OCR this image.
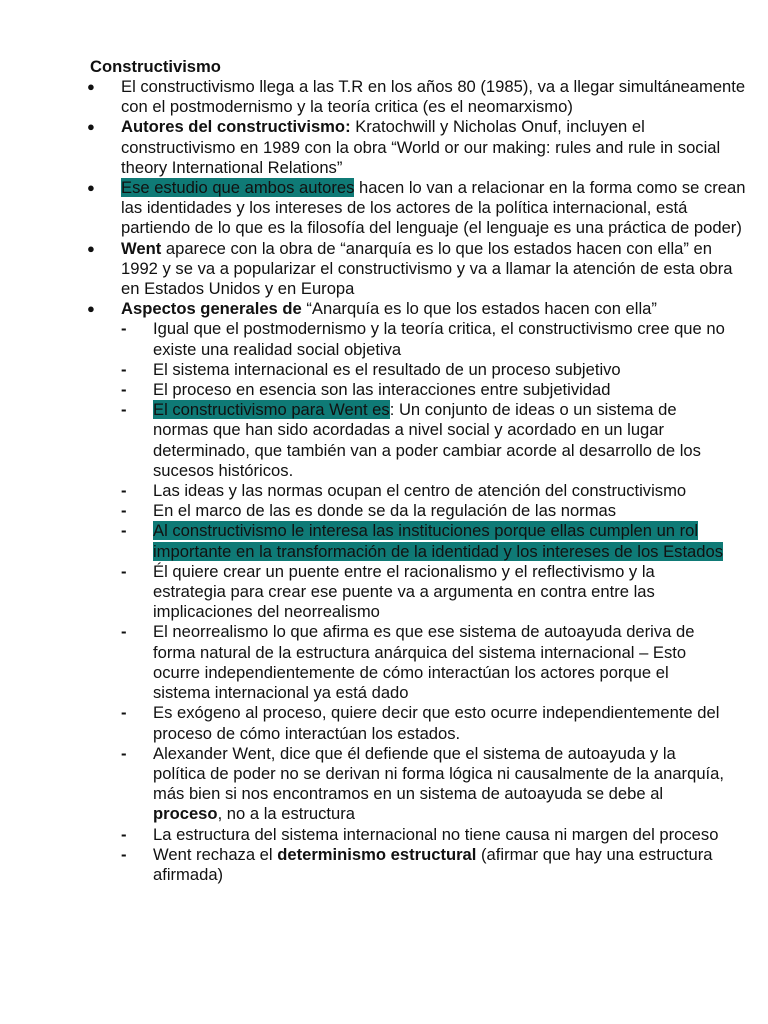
Constructivismo
● El constructivismo llega a las T.R en los años 80 (1985), va a llegar simultáneamente con el postmodernismo y la teoría critica (es el neomarxismo)
● Autores del constructivismo: Kratochwill y Nicholas Onuf, incluyen el constructivismo en 1989 con la obra “World or our making: rules and rule in social theory International Relations”
● Ese estudio que ambos autores hacen lo van a relacionar en la forma como se crean las identidades y los intereses de los actores de la política internacional, está partiendo de lo que es la filosofía del lenguaje (el lenguaje es una práctica de poder)
● Went aparece con la obra de “anarquía es lo que los estados hacen con ella” en 1992 y se va a popularizar el constructivismo y va a llamar la atención de esta obra en Estados Unidos y en Europa
● Aspectos generales de “Anarquía es lo que los estados hacen con ella”
- Igual que el postmodernismo y la teoría critica, el constructivismo cree que no existe una realidad social objetiva
- El sistema internacional es el resultado de un proceso subjetivo
- El proceso en esencia son las interacciones entre subjetividad
- El constructivismo para Went es: Un conjunto de ideas o un sistema de normas que han sido acordadas a nivel social y acordado en un lugar determinado, que también van a poder cambiar acorde al desarrollo de los sucesos históricos.
- Las ideas y las normas ocupan el centro de atención del constructivismo
- En el marco de las es donde se da la regulación de las normas
- Al constructivismo le interesa las instituciones porque ellas cumplen un rol importante en la transformación de la identidad y los intereses de los Estados
- Él quiere crear un puente entre el racionalismo y el reflectivismo y la estrategia para crear ese puente va a argumenta en contra entre las implicaciones del neorrealismo
- El neorrealismo lo que afirma es que ese sistema de autoayuda deriva de forma natural de la estructura anárquica del sistema internacional – Esto ocurre independientemente de cómo interactúan los actores porque el sistema internacional ya está dado
- Es exógeno al proceso, quiere decir que esto ocurre independientemente del proceso de cómo interactúan los estados.
- Alexander Went, dice que él defiende que el sistema de autoayuda y la política de poder no se derivan ni forma lógica ni causalmente de la anarquía, más bien si nos encontramos en un sistema de autoayuda se debe al proceso, no a la estructura
- La estructura del sistema internacional no tiene causa ni margen del proceso
- Went rechaza el determinismo estructural (afirmar que hay una estructura afirmada)
